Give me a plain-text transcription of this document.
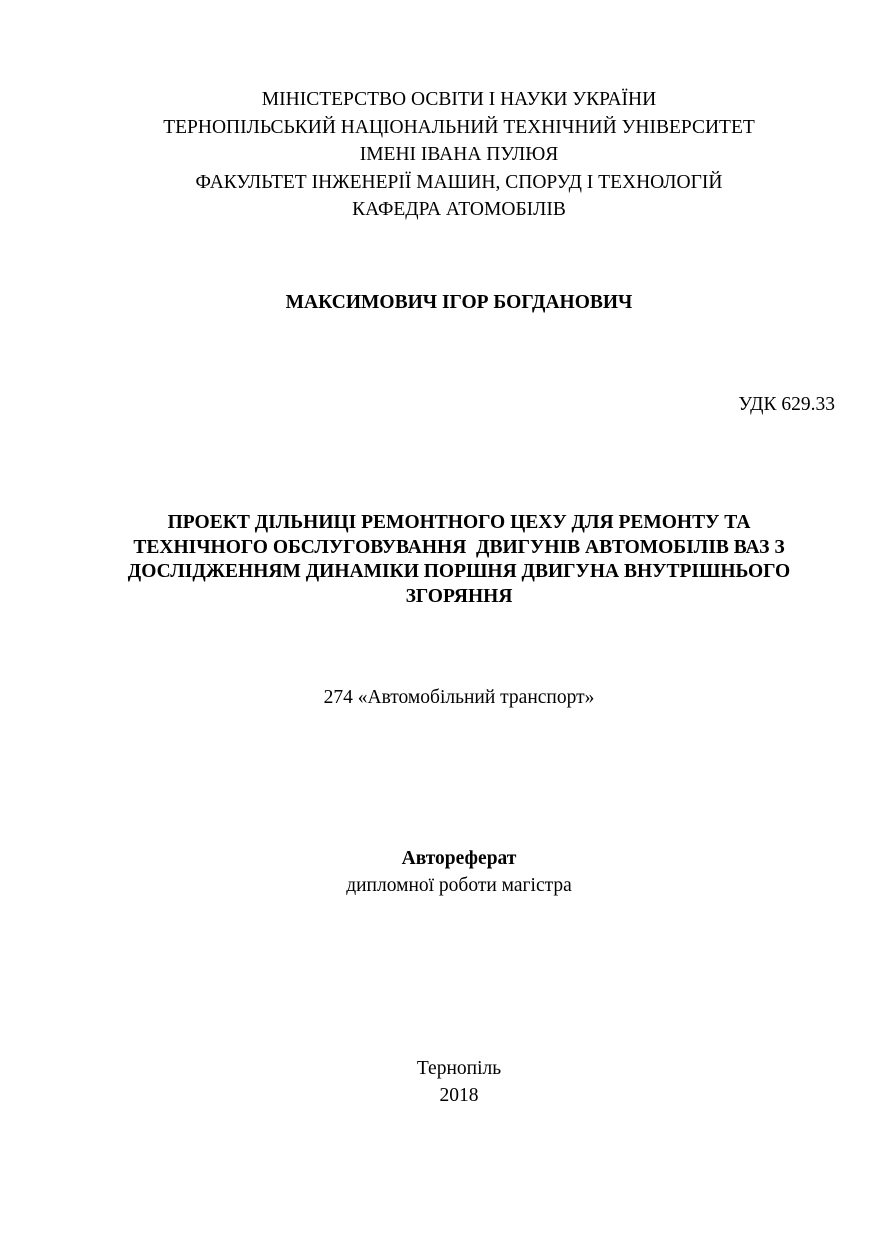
МІНІСТЕРСТВО ОСВІТИ І НАУКИ УКРАЇНИ
ТЕРНОПІЛЬСЬКИЙ НАЦІОНАЛЬНИЙ ТЕХНІЧНИЙ УНІВЕРСИТЕТ
ІМЕНІ ІВАНА ПУЛЮЯ
ФАКУЛЬТЕТ ІНЖЕНЕРІЇ МАШИН, СПОРУД І ТЕХНОЛОГІЙ
КАФЕДРА АТОМОБІЛІВ
МАКСИМОВИЧ ІГОР БОГДАНОВИЧ
УДК 629.33
ПРОЕКТ ДІЛЬНИЦІ РЕМОНТНОГО ЦЕХУ ДЛЯ РЕМОНТУ ТА
ТЕХНІЧНОГО ОБСЛУГОВУВАННЯ  ДВИГУНІВ АВТОМОБІЛІВ ВАЗ З
ДОСЛІДЖЕННЯМ ДИНАМІКИ ПОРШНЯ ДВИГУНА ВНУТРІШНЬОГО
ЗГОРЯННЯ
274 «Автомобільний транспорт»
Автореферат
дипломної роботи магістра
Тернопіль
2018
